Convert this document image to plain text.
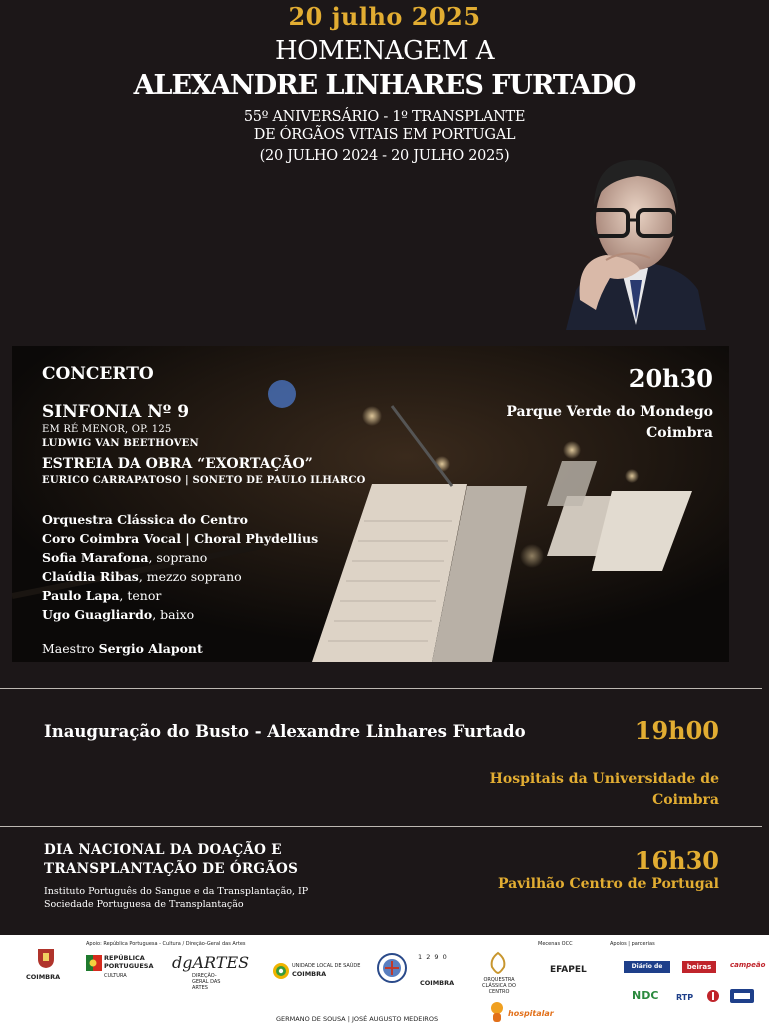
20 julho 2025
HOMENAGEM A
ALEXANDRE LINHARES FURTADO
55º ANIVERSÁRIO - 1º TRANSPLANTE
DE ÓRGÃOS VITAIS EM PORTUGAL
(20 JULHO 2024 - 20 JULHO 2025)
CONCERTO	20h30
Parque Verde do Mondego
Coimbra
SINFONIA Nº 9
EM RÉ MENOR, OP. 125
LUDWIG VAN BEETHOVEN
ESTREIA DA OBRA “EXORTAÇÃO”
EURICO CARRAPATOSO | SONETO DE PAULO ILHARCO
Orquestra Clássica do Centro
Coro Coimbra Vocal | Choral Phydellius
Sofia Marafona, soprano
Claúdia Ribas, mezzo soprano
Paulo Lapa, tenor
Ugo Guagliardo, baixo
Maestro Sergio Alapont
Inauguração do Busto - Alexandre Linhares Furtado	19h00
Hospitais da Universidade de
Coimbra
DIA NACIONAL DA DOAÇÃO E
TRANSPLANTAÇÃO DE ÓRGÃOS
Instituto Português do Sangue e da Transplantação, IP
Sociedade Portuguesa de Transplantação
16h30
Pavilhão Centro de Portugal
Apoio: República Portuguesa - Cultura / Direção-Geral das Artes	Mecenas OCC	Apoios | parcerias
COIMBRA
REPÚBLICA
PORTUGUESA
CULTURA
dgARTES
DIREÇÃO-GERAL DAS ARTES
UNIDADE LOCAL DE SAÚDE
COIMBRA
1 2 9 0
COIMBRA	ORQUESTRA CLÁSSICA DO CENTRO
EFAPEL	Diário de Coimbra
beiras	campeão
NDC RTP
GERMANO DE SOUSA | JOSÉ AUGUSTO MEDEIROS
hospitalar
